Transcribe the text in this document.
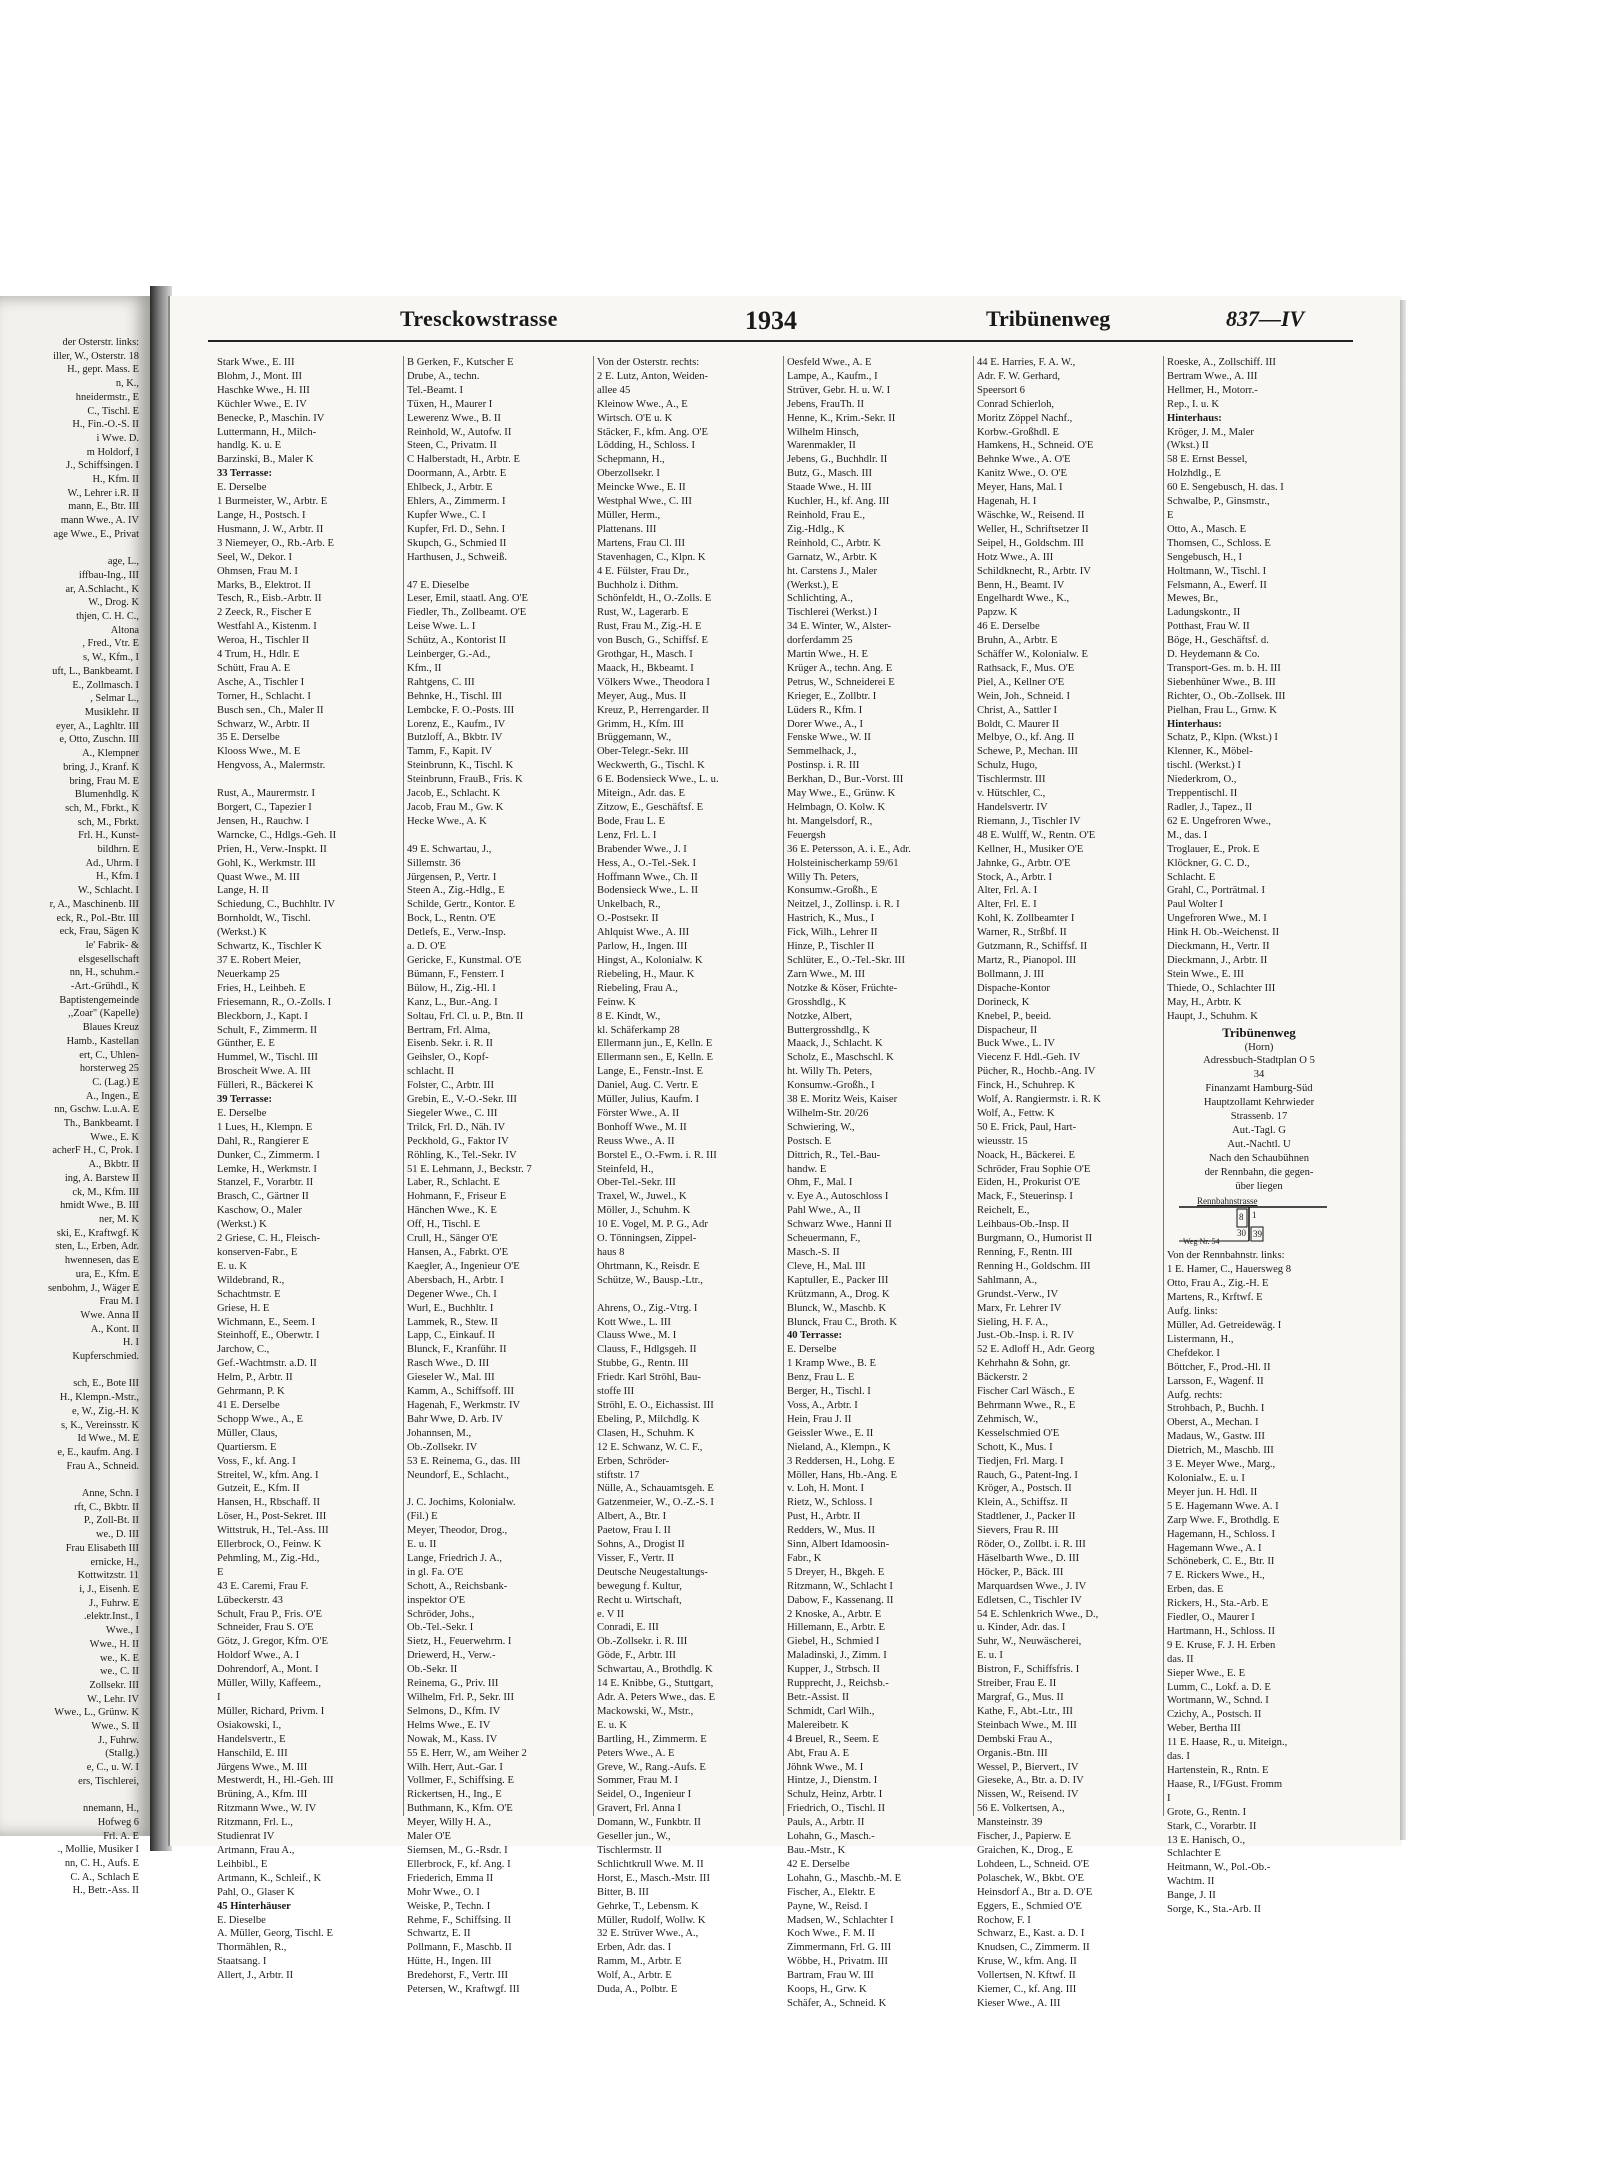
der Osterstr. links:
iller, W., Osterstr. 18
H., gepr. Mass. E
n, K.,
hneidermstr., E
C., Tischl. E
H., Fin.-O.-S. II
i Wwe. D.
m Holdorf, I
J., Schiffsingen. I
H., Kfm. II
W., Lehrer i.R. II
mann, E., Btr. III
mann Wwe., A. IV
age Wwe., E., Privat

age, L.,
iffbau-Ing., III
ar, A.Schlacht., K
W., Drog. K
thjen, C. H. C.,
Altona
, Fred., Vtr. E
s, W., Kfm., I
uft, L., Bankbeamt. I
E., Zollmasch. I
, Selmar L.,
Musiklehr. II
eyer, A., Laghltr. III
e, Otto, Zuschn. III
A., Klempner
bring, J., Kranf. K
bring, Frau M. E
Blumenhdlg. K
sch, M., Fbrkt., K
sch, M., Fbrkt.
Frl. H., Kunst-
bildhrn. E
Ad., Uhrm. I
H., Kfm. I
W., Schlacht. I
r, A., Maschinenb. III
eck, R., Pol.-Btr. III
eck, Frau, Sägen K
le' Fabrik- &
elsgesellschaft
nn, H., schuhm.-
-Art.-Grühdl., K
Baptistengemeinde
,,Zoar" (Kapelle)
Blaues Kreuz
Hamb., Kastellan
ert, C., Uhlen-
horsterweg 25
C. (Lag.) E
A., Ingen., E
nn, Gschw. L.u.A. E
Th., Bankbeamt. I
Wwe., E. K
acherF H., C, Prok. I
A., Bkbtr. II
ing, A. Barstew II
ck, M., Kfm. III
hmidt Wwe., B. III
ner, M. K
ski, E., Kraftwgf. K
sten, L., Erben, Adr.
hwennesen, das E
ura, E., Kfm. E
senbohm, J., Wäger E
Frau M. I
Wwe. Anna II
A., Kont. II
H. I
Kupferschmied.

sch, E., Bote III
H., Klempn.-Mstr.,
e, W., Zig.-H. K
s, K., Vereinsstr. K
Id Wwe., M. E
e, E., kaufm. Ang. I
Frau A., Schneid.

Anne, Schn. I
rft, C., Bkbtr. II
P., Zoll-Bt. II
we., D. III
Frau Elisabeth III
ernicke, H.,
Kottwitzstr. 11
i, J., Eisenh. E
J., Fuhrw. E
.elektr.Inst., I
Wwe., I
Wwe., H. II
we., K. E
we., C. II
Zollsekr. III
W., Lehr. IV
Wwe., L., Grünw. K
Wwe., S. II
J., Fuhrw.
(Stallg.)
e, C., u. W. I
ers, Tischlerei,

nnemann, H.,
Hofweg 6
Frl. A. E
., Mollie, Musiker I
nn, C. H., Aufs. E
C. A., Schlach E
H., Betr.-Ass. II
Tresckowstrasse	1934	Tribünenweg	837—IV
Stark Wwe., E. III
Blohm, J., Mont. III
Haschke Wwe., H. III
Küchler Wwe., E. IV
Benecke, P., Maschin. IV
Luttermann, H., Milch-
handlg. K. u. E
Barzinski, B., Maler K
33 Terrasse:
E. Derselbe
1 Burmeister, W., Arbtr. E
Lange, H., Postsch. I
Husmann, J. W., Arbtr. II
3 Niemeyer, O., Rb.-Arb. E
Seel, W., Dekor. I
Ohmsen, Frau M. I
Marks, B., Elektrot. II
Tesch, R., Eisb.-Arbtr. II
2 Zeeck, R., Fischer E
Westfahl A., Kistenm. I
Weroa, H., Tischler II
4 Trum, H., Hdlr. E
Schütt, Frau A. E
Asche, A., Tischler I
Torner, H., Schlacht. I
Busch sen., Ch., Maler II
Schwarz, W., Arbtr. II
35 E. Derselbe
Klooss Wwe., M. E
Hengvoss, A., Malermstr.

Rust, A., Maurermstr. I
Borgert, C., Tapezier I
Jensen, H., Rauchw. I
Warncke, C., Hdlgs.-Geh. II
Prien, H., Verw.-Inspkt. II
Gohl, K., Werkmstr. III
Quast Wwe., M. III
Lange, H. II
Schiedung, C., Buchhltr. IV
Bornholdt, W., Tischl.
(Werkst.) K
Schwartz, K., Tischler K
37 E. Robert Meier,
Neuerkamp 25
Fries, H., Leihbeh. E
Friesemann, R., O.-Zolls. I
Bleckborn, J., Kapt. I
Schult, F., Zimmerm. II
Günther, E. E
Hummel, W., Tischl. III
Broscheit Wwe. A. III
Fülleri, R., Bäckerei K
39 Terrasse:
E. Derselbe
1 Lues, H., Klempn. E
Dahl, R., Rangierer E
Dunker, C., Zimmerm. I
Lemke, H., Werkmstr. I
Stanzel, F., Vorarbtr. II
Brasch, C., Gärtner II
Kaschow, O., Maler
(Werkst.) K
2 Griese, C. H., Fleisch-
konserven-Fabr., E
E. u. K
Wildebrand, R.,
Schachtmstr. E
Griese, H. E
Wichmann, E., Seem. I
Steinhoff, E., Oberwtr. I
Jarchow, C.,
Gef.-Wachtmstr. a.D. II
Helm, P., Arbtr. II
Gehrmann, P. K
41 E. Derselbe
Schopp Wwe., A., E
Müller, Claus,
Quartiersm. E
Voss, F., kf. Ang. I
Streitel, W., kfm. Ang. I
Gutzeit, E., Kfm. II
Hansen, H., Rbschaff. II
Löser, H., Post-Sekret. III
Wittstruk, H., Tel.-Ass. III
Ellerbrock, O., Feinw. K
Pehmling, M., Zig.-Hd.,
E
43 E. Caremi, Frau F.
Lübeckerstr. 43
Schult, Frau P., Fris. O'E
Schneider, Frau S. O'E
Götz, J. Gregor, Kfm. O'E
Holdorf Wwe., A. I
Dohrendorf, A., Mont. I
Müller, Willy, Kaffeem.,
I
Müller, Richard, Privm. I
Osiakowski, I.,
Handelsvertr., E
Hanschild, E. III
Jürgens Wwe., M. III
Mestwerdt, H., Hl.-Geh. III
Brüning, A., Kfm. III
Ritzmann Wwe., W. IV
Ritzmann, Frl. L.,
Studienrat IV
Artmann, Frau A.,
Leihbibl., E
Artmann, K., Schleif., K
Pahl, O., Glaser K
45 Hinterhäuser
E. Dieselbe
A. Müller, Georg, Tischl. E
Thormählen, R.,
Staatsang. I
Allert, J., Arbtr. II
B Gerken, F., Kutscher E
Drube, A., techn.
Tel.-Beamt. I
Tüxen, H., Maurer I
Lewerenz Wwe., B. II
Reinhold, W., Autofw. II
Steen, C., Privatm. II
C Halberstadt, H., Arbtr. E
Doormann, A., Arbtr. E
Ehlbeck, J., Arbtr. E
Ehlers, A., Zimmerm. I
Kupfer Wwe., C. I
Kupfer, Frl. D., Sehn. I
Skupch, G., Schmied II
Harthusen, J., Schweiß.

47 E. Dieselbe
Leser, Emil, staatl. Ang. O'E
Fiedler, Th., Zollbeamt. O'E
Leise Wwe. L. I
Schütz, A., Kontorist II
Leinberger, G.-Ad.,
Kfm., II
Rahtgens, C. III
Behnke, H., Tischl. III
Lembcke, F. O.-Posts. III
Lorenz, E., Kaufm., IV
Butzloff, A., Bkbtr. IV
Tamm, F., Kapit. IV
Steinbrunn, K., Tischl. K
Steinbrunn, FrauB., Fris. K
Jacob, E., Schlacht. K
Jacob, Frau M., Gw. K
Hecke Wwe., A. K

49 E. Schwartau, J.,
Sillemstr. 36
Jürgensen, P., Vertr. I
Steen A., Zig.-Hdlg., E
Schilde, Gertr., Kontor. E
Bock, L., Rentn. O'E
Detlefs, E., Verw.-Insp.
a. D. O'E
Gericke, F., Kunstmal. O'E
Bümann, F., Fensterr. I
Bülow, H., Zig.-Hl. I
Kanz, L., Bur.-Ang. I
Soltau, Frl. Cl. u. P., Btn. II
Bertram, Frl. Alma,
Eisenb. Sekr. i. R. II
Geihsler, O., Kopf-
schlacht. II
Folster, C., Arbtr. III
Grebin, E., V.-O.-Sekr. III
Siegeler Wwe., C. III
Trilck, Frl. D., Näh. IV
Peckhold, G., Faktor IV
Röhling, K., Tel.-Sekr. IV
51 E. Lehmann, J., Beckstr. 7
Laber, R., Schlacht. E
Hohmann, F., Friseur E
Hänchen Wwe., K. E
Off, H., Tischl. E
Crull, H., Sänger O'E
Hansen, A., Fabrkt. O'E
Kaegler, A., Ingenieur O'E
Abersbach, H., Arbtr. I
Degener Wwe., Ch. I
Wurl, E., Buchhltr. I
Lammek, R., Stew. II
Lapp, C., Einkauf. II
Blunck, F., Kranführ. II
Rasch Wwe., D. III
Gieseler W., Mal. III
Kamm, A., Schiffsoff. III
Hagenah, F., Werkmstr. IV
Bahr Wwe, D. Arb. IV
Johannsen, M.,
Ob.-Zollsekr. IV
53 E. Reinema, G., das. III
Neundorf, E., Schlacht.,

J. C. Jochims, Kolonialw.
(Fil.) E
Meyer, Theodor, Drog.,
E. u. II
Lange, Friedrich J. A.,
in gl. Fa. O'E
Schott, A., Reichsbank-
inspektor O'E
Schröder, Johs.,
Ob.-Tel.-Sekr. I
Sietz, H., Feuerwehrm. I
Driewerd, H., Verw.-
Ob.-Sekr. II
Reinema, G., Priv. III
Wilhelm, Frl. P., Sekr. III
Selmons, D., Kfm. IV
Helms Wwe., E. IV
Nowak, M., Kass. IV
55 E. Herr, W., am Weiher 2
Wilh. Herr, Aut.-Gar. I
Vollmer, F., Schiffsing. E
Rickertsen, H., Ing., E
Buthmann, K., Kfm. O'E
Meyer, Willy H. A.,
Maler O'E
Siemsen, M., G.-Rsdr. I
Ellerbrock, F., kf. Ang. I
Friederich, Emma II
Mohr Wwe., O. I
Weiske, P., Techn. I
Rehme, F., Schiffsing. II
Schwartz, E. II
Pollmann, F., Maschb. II
Hütte, H., Ingen. III
Bredehorst, F., Vertr. III
Petersen, W., Kraftwgf. III
Von der Osterstr. rechts:
2 E. Lutz, Anton, Weiden-
allee 45
Kleinow Wwe., A., E
Wirtsch. O'E u. K
Stäcker, F., kfm. Ang. O'E
Lödding, H., Schloss. I
Schepmann, H.,
Oberzollsekr. I
Meincke Wwe., E. II
Westphal Wwe., C. III
Müller, Herm.,
Plattenans. III
Martens, Frau Cl. III
Stavenhagen, C., Klpn. K
4 E. Fülster, Frau Dr.,
Buchholz i. Dithm.
Schönfeldt, H., O.-Zolls. E
Rust, W., Lagerarb. E
Rust, Frau M., Zig.-H. E
von Busch, G., Schiffsf. E
Grothgar, H., Masch. I
Maack, H., Bkbeamt. I
Völkers Wwe., Theodora I
Meyer, Aug., Mus. II
Kreuz, P., Herrengarder. II
Grimm, H., Kfm. III
Brüggemann, W.,
Ober-Telegr.-Sekr. III
Weckwerth, G., Tischl. K
6 E. Bodensieck Wwe., L. u.
Miteign., Adr. das. E
Zitzow, E., Geschäftsf. E
Bode, Frau L. E
Lenz, Frl. L. I
Brabender Wwe., J. I
Hess, A., O.-Tel.-Sek. I
Hoffmann Wwe., Ch. II
Bodensieck Wwe., L. II
Unkelbach, R.,
O.-Postsekr. II
Ahlquist Wwe., A. III
Parlow, H., Ingen. III
Hingst, A., Kolonialw. K
Riebeling, H., Maur. K
Riebeling, Frau A.,
Feinw. K
8 E. Kindt, W.,
kl. Schäferkamp 28
Ellermann jun., E, Kelln. E
Ellermann sen., E, Kelln. E
Lange, E., Fenstr.-Inst. E
Daniel, Aug. C. Vertr. E
Müller, Julius, Kaufm. I
Förster Wwe., A. II
Bonhoff Wwe., M. II
Reuss Wwe., A. II
Borstel E., O.-Fwm. i. R. III
Steinfeld, H.,
Ober-Tel.-Sekr. III
Traxel, W., Juwel., K
Möller, J., Schuhm. K
10 E. Vogel, M. P. G., Adr
O. Tönningsen, Zippel-
haus 8
Ohrtmann, K., Reisdr. E
Schütze, W., Bausp.-Ltr.,

Ahrens, O., Zig.-Vtrg. I
Kott Wwe., L. III
Clauss Wwe., M. I
Clauss, F., Hdlgsgeh. II
Stubbe, G., Rentn. III
Friedr. Karl Ströhl, Bau-
stoffe III
Ströhl, E. O., Eichassist. III
Ebeling, P., Milchdlg. K
Clasen, H., Schuhm. K
12 E. Schwanz, W. C. F.,
Erben, Schröder-
stiftstr. 17
Nülle, A., Schauamtsgeh. E
Gatzenmeier, W., O.-Z.-S. I
Albert, A., Btr. I
Paetow, Frau I. II
Sohns, A., Drogist II
Visser, F., Vertr. II
Deutsche Neugestaltungs-
bewegung f. Kultur,
Recht u. Wirtschaft,
e. V II
Conradi, E. III
Ob.-Zollsekr. i. R. III
Göde, F., Arbtr. III
Schwartau, A., Brothdlg. K
14 E. Knibbe, G., Stuttgart,
Adr. A. Peters Wwe., das. E
Mackowski, W., Mstr.,
E. u. K
Bartling, H., Zimmerm. E
Peters Wwe., A. E
Greve, W., Rang.-Aufs. E
Sommer, Frau M. I
Seidel, O., Ingenieur I
Gravert, Frl. Anna I
Domann, W., Funkbtr. II
Geseller jun., W.,
Tischlermstr. II
Schlichtkrull Wwe. M. II
Horst, E., Masch.-Mstr. III
Bitter, B. III
Gehrke, T., Lebensm. K
Müller, Rudolf, Wollw. K
32 E. Strüver Wwe., A.,
Erben, Adr. das. I
Ramm, M., Arbtr. E
Wolf, A., Arbtr. E
Duda, A., Polbtr. E
Oesfeld Wwe., A. E
Lampe, A., Kaufm., I
Strüver, Gebr. H. u. W. I
Jebens, FrauTh. II
Henne, K., Krim.-Sekr. II
Wilhelm Hinsch,
Warenmakler, II
Jebens, G., Buchhdlr. II
Butz, G., Masch. III
Staade Wwe., H. III
Kuchler, H., kf. Ang. III
Reinhold, Frau E.,
Zig.-Hdlg., K
Reinhold, C., Arbtr. K
Garnatz, W., Arbtr. K
ht. Carstens J., Maler
(Werkst.), E
Schlichting, A.,
Tischlerei (Werkst.) I
34 E. Winter, W., Alster-
dorferdamm 25
Martin Wwe., H. E
Krüger A., techn. Ang. E
Petrus, W., Schneiderei E
Krieger, E., Zollbtr. I
Lüders R., Kfm. I
Dorer Wwe., A., I
Fenske Wwe., W. II
Semmelhack, J.,
Postinsp. i. R. III
Berkhan, D., Bur.-Vorst. III
May Wwe., E., Grünw. K
Helmbagn, O. Kolw. K
ht. Mangelsdorf, R.,
Feuergsh
36 E. Petersson, A. i. E., Adr.
Holsteinischerkamp 59/61
Willy Th. Peters,
Konsumw.-Großh., E
Neitzel, J., Zollinsp. i. R. I
Hastrich, K., Mus., I
Fick, Wilh., Lehrer II
Hinze, P., Tischler II
Schlüter, E., O.-Tel.-Skr. III
Zarn Wwe., M. III
Notzke & Köser, Früchte-
Grosshdlg., K
Notzke, Albert,
Buttergrosshdlg., K
Maack, J., Schlacht. K
Scholz, E., Maschschl. K
ht. Willy Th. Peters,
Konsumw.-Großh., I
38 E. Moritz Weis, Kaiser
Wilhelm-Str. 20/26
Schwiering, W.,
Postsch. E
Dittrich, R., Tel.-Bau-
handw. E
Ohm, F., Mal. I
v. Eye A., Autoschloss I
Pahl Wwe., A., II
Schwarz Wwe., Hanni II
Scheuermann, F.,
Masch.-S. II
Cleve, H., Mal. III
Kaptuller, E., Packer III
Krützmann, A., Drog. K
Blunck, W., Maschb. K
Blunck, Frau C., Broth. K
40 Terrasse:
E. Derselbe
1 Kramp Wwe., B. E
Benz, Frau L. E
Berger, H., Tischl. I
Voss, A., Arbtr. I
Hein, Frau J. II
Geissler Wwe., E. II
Nieland, A., Klempn., K
3 Reddersen, H., Lohg. E
Möller, Hans, Hb.-Ang. E
v. Loh, H. Mont. I
Rietz, W., Schloss. I
Pust, H., Arbtr. II
Redders, W., Mus. II
Sinn, Albert Idamoosin-
Fabr., K
5 Dreyer, H., Bkgeh. E
Ritzmann, W., Schlacht I
Dabow, F., Kassenang. II
2 Knoske, A., Arbtr. E
Hillemann, E., Arbtr. E
Giebel, H., Schmied I
Maladinski, J., Zimm. I
Kupper, J., Strbsch. II
Rupprecht, J., Reichsb.-
Betr.-Assist. II
Schmidt, Carl Wilh.,
Malereibetr. K
4 Breuel, R., Seem. E
Abt, Frau A. E
Jöhnk Wwe., M. I
Hintze, J., Dienstm. I
Schulz, Heinz, Arbtr. I
Friedrich, O., Tischl. II
Pauls, A., Arbtr. II
Lohahn, G., Masch.-
Bau.-Mstr., K
42 E. Derselbe
Lohahn, G., Maschb.-M. E
Fischer, A., Elektr. E
Payne, W., Reisd. I
Madsen, W., Schlachter I
Koch Wwe., F. M. II
Zimmermann, Frl. G. III
Wöbbe, H., Privatm. III
Bartram, Frau W. III
Koops, H., Grw. K
Schäfer, A., Schneid. K
44 E. Harries, F. A. W.,
Adr. F. W. Gerhard,
Speersort 6
Conrad Schierloh,
Moritz Zöppel Nachf.,
Korbw.-Großhdl. E
Hamkens, H., Schneid. O'E
Behnke Wwe., A. O'E
Kanitz Wwe., O. O'E
Meyer, Hans, Mal. I
Hagenah, H. I
Wäschke, W., Reisend. II
Weller, H., Schriftsetzer II
Seipel, H., Goldschm. III
Hotz Wwe., A. III
Schildknecht, R., Arbtr. IV
Benn, H., Beamt. IV
Engelhardt Wwe., K.,
Papzw. K
46 E. Derselbe
Bruhn, A., Arbtr. E
Schäffer W., Kolonialw. E
Rathsack, F., Mus. O'E
Piel, A., Kellner O'E
Wein, Joh., Schneid. I
Christ, A., Sattler I
Boldt, C. Maurer II
Melbye, O., kf. Ang. II
Schewe, P., Mechan. III
Schulz, Hugo,
Tischlermstr. III
v. Hütschler, C.,
Handelsvertr. IV
Riemann, J., Tischler IV
48 E. Wulff, W., Rentn. O'E
Kellner, H., Musiker O'E
Jahnke, G., Arbtr. O'E
Stock, A., Arbtr. I
Alter, Frl. A. I
Alter, Frl. E. I
Kohl, K. Zollbeamter I
Warner, R., Strßbf. II
Gutzmann, R., Schiffsf. II
Martz, R., Pianopol. III
Bollmann, J. III
Dispache-Kontor
Dorineck, K
Knebel, P., beeid.
Dispacheur, II
Buck Wwe., L. IV
Viecenz F. Hdl.-Geh. IV
Pücher, R., Hochb.-Ang. IV
Finck, H., Schuhrep. K
Wolf, A. Rangiermstr. i. R. K
Wolf, A., Fettw. K
50 E. Frick, Paul, Hart-
wieusstr. 15
Noack, H., Bäckerei. E
Schröder, Frau Sophie O'E
Eiden, H., Prokurist O'E
Mack, F., Steuerinsp. I
Reichelt, E.,
Leihbaus-Ob.-Insp. II
Burgmann, O., Humorist II
Renning, F., Rentn. III
Renning H., Goldschm. III
Sahlmann, A.,
Grundst.-Verw., IV
Marx, Fr. Lehrer IV
Sieling, H. F. A.,
Just.-Ob.-Insp. i. R. IV
52 E. Adloff H., Adr. Georg
Kehrhahn & Sohn, gr.
Bäckerstr. 2
Fischer Carl Wäsch., E
Behrmann Wwe., R., E
Zehmisch, W.,
Kesselschmied O'E
Schott, K., Mus. I
Tiedjen, Frl. Marg. I
Rauch, G., Patent-Ing. I
Kröger, A., Postsch. II
Klein, A., Schiffsz. II
Stadtlener, J., Packer II
Sievers, Frau R. III
Röder, O., Zollbt. i. R. III
Häselbarth Wwe., D. III
Höcker, P., Bäck. III
Marquardsen Wwe., J. IV
Edletsen, C., Tischler IV
54 E. Schlenkrich Wwe., D.,
u. Kinder, Adr. das. I
Suhr, W., Neuwäscherei,
E. u. I
Bistron, F., Schiffsfris. I
Streiber, Frau E. II
Margraf, G., Mus. II
Kathe, F., Abt.-Ltr., III
Steinbach Wwe., M. III
Dembski Frau A.,
Organis.-Btn. III
Wessel, P., Biervert., IV
Gieseke, A., Btr. a. D. IV
Nissen, W., Reisend. IV
56 E. Volkertsen, A.,
Mansteinstr. 39
Fischer, J., Papierw. E
Graichen, K., Drog., E
Lohdeen, L., Schneid. O'E
Polaschek, W., Bkbt. O'E
Heinsdorf A., Btr a. D. O'E
Eggers, E., Schmied O'E
Rochow, F. I
Schwarz, E., Kast. a. D. I
Knudsen, C., Zimmerm. II
Kruse, W., kfm. Ang. II
Vollertsen, N. Kftwf. II
Kiemer, C., kf. Ang. III
Kieser Wwe., A. III
Roeske, A., Zollschiff. III
Bertram Wwe., A. III
Hellmer, H., Motorr.-
Rep., I. u. K
Hinterhaus:
Kröger, J. M., Maler
(Wkst.) II
58 E. Ernst Bessel,
Holzhdlg., E
60 E. Sengebusch, H. das. I
Schwalbe, P., Ginsmstr.,
E
Otto, A., Masch. E
Thomsen, C., Schloss. E
Sengebusch, H., I
Holtmann, W., Tischl. I
Felsmann, A., Ewerf. II
Mewes, Br.,
Ladungskontr., II
Potthast, Frau W. II
Böge, H., Geschäftsf. d.
D. Heydemann & Co.
Transport-Ges. m. b. H. III
Siebenhüner Wwe., B. III
Richter, O., Ob.-Zollsek. III
Pielhan, Frau L., Grnw. K
Hinterhaus:
Schatz, P., Klpn. (Wkst.) I
Klenner, K., Möbel-
tischl. (Werkst.) I
Niederkrom, O.,
Treppentischl. II
Radler, J., Tapez., II
62 E. Ungefroren Wwe.,
M., das. I
Troglauer, E., Prok. E
Klöckner, G. C. D.,
Schlacht. E
Grahl, C., Porträtmal. I
Paul Wolter I
Ungefroren Wwe., M. I
Hink H. Ob.-Weichenst. II
Dieckmann, H., Vertr. II
Dieckmann, J., Arbtr. II
Stein Wwe., E. III
Thiede, O., Schlachter III
May, H., Arbtr. K
Haupt, J., Schuhm. K
Tribünenweg
(Horn)
Adressbuch-Stadtplan O 5
34
Finanzamt Hamburg-Süd
Hauptzollamt Kehrwieder
Strassenb. 17
Aut.-Tagl. G
Aut.-Nachtl. U
Nach den Schaubühnen
der Rennbahn, die gegen-
über liegen
Rennbahnstrasse
Weg Nr. 54
8 1
30 39
Von der Rennbahnstr. links:
1 E. Hamer, C., Hauersweg 8
Otto, Frau A., Zig.-H. E
Martens, R., Krftwf. E
Aufg. links:
Müller, Ad. Getreidewäg. I
Listermann, H.,
Chefdekor. I
Böttcher, F., Prod.-Hl. II
Larsson, F., Wagenf. II
Aufg. rechts:
Strohbach, P., Buchh. I
Oberst, A., Mechan. I
Madaus, W., Gastw. III
Dietrich, M., Maschb. III
3 E. Meyer Wwe., Marg.,
Kolonialw., E. u. I
Meyer jun. H. Hdl. II
5 E. Hagemann Wwe. A. I
Zarp Wwe. F., Brothdlg. E
Hagemann, H., Schloss. I
Hagemann Wwe., A. I
Schöneberk, C. E., Btr. II
7 E. Rickers Wwe., H.,
Erben, das. E
Rickers, H., Sta.-Arb. E
Fiedler, O., Maurer I
Hartmann, H., Schloss. II
9 E. Kruse, F. J. H. Erben
das. II
Sieper Wwe., E. E
Lumm, C., Lokf. a. D. E
Wortmann, W., Schnd. I
Czichy, A., Postsch. II
Weber, Bertha III
11 E. Haase, R., u. Miteign.,
das. I
Hartenstein, R., Rntn. E
Haase, R., I/FGust. Fromm
I
Grote, G., Rentn. I
Stark, C., Vorarbtr. II
13 E. Hanisch, O.,
Schlachter E
Heitmann, W., Pol.-Ob.-
Wachtm. II
Bange, J. II
Sorge, K., Sta.-Arb. II
